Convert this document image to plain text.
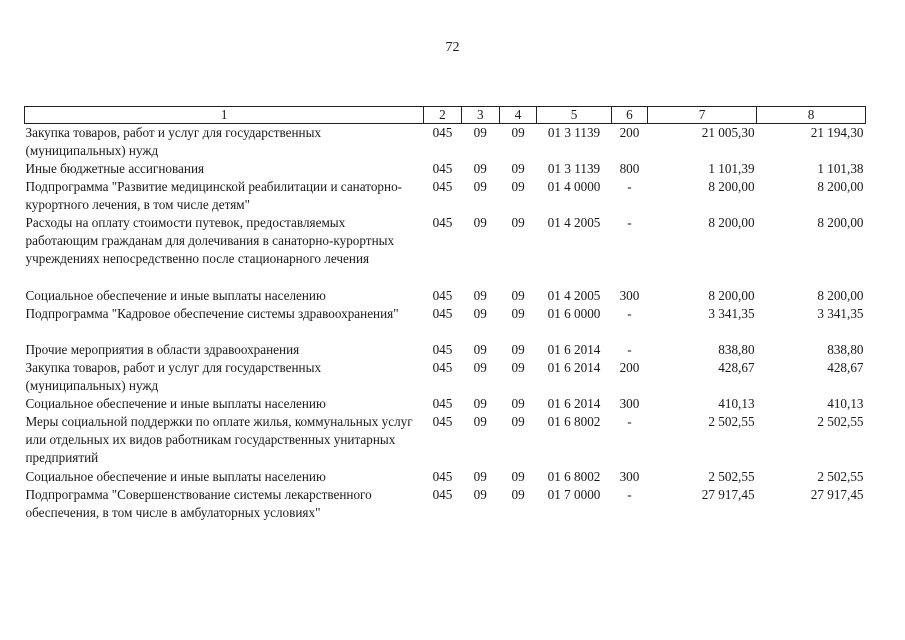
72
1	2	3	4	5	6	7	8
Закупка товаров, работ и услуг для государственных (муниципальных) нужд	045	09	09	01 3 1139	200	21 005,30	21 194,30
Иные бюджетные ассигнования	045	09	09	01 3 1139	800	1 101,39	1 101,38
Подпрограмма "Развитие медицинской реабилитации и санаторно-курортного лечения, в том числе детям"	045	09	09	01 4 0000	-	8 200,00	8 200,00
Расходы на оплату стоимости путевок, предоставляемых работающим гражданам для долечивания в санаторно-курортных учреждениях непосредственно после стационарного лечения	045	09	09	01 4 2005	-	8 200,00	8 200,00
Социальное обеспечение и иные выплаты населению	045	09	09	01 4 2005	300	8 200,00	8 200,00
Подпрограмма "Кадровое обеспечение системы здравоохранения"	045	09	09	01 6 0000	-	3 341,35	3 341,35
Прочие мероприятия в области здравоохранения	045	09	09	01 6 2014	-	838,80	838,80
Закупка товаров, работ и услуг для государственных (муниципальных) нужд	045	09	09	01 6 2014	200	428,67	428,67
Социальное обеспечение и иные выплаты населению	045	09	09	01 6 2014	300	410,13	410,13
Меры социальной поддержки по оплате жилья, коммунальных услуг или отдельных их видов работникам государственных унитарных предприятий	045	09	09	01 6 8002	-	2 502,55	2 502,55
Социальное обеспечение и иные выплаты населению	045	09	09	01 6 8002	300	2 502,55	2 502,55
Подпрограмма "Совершенствование системы лекарственного обеспечения, в том числе в амбулаторных условиях"	045	09	09	01 7 0000	-	27 917,45	27 917,45
